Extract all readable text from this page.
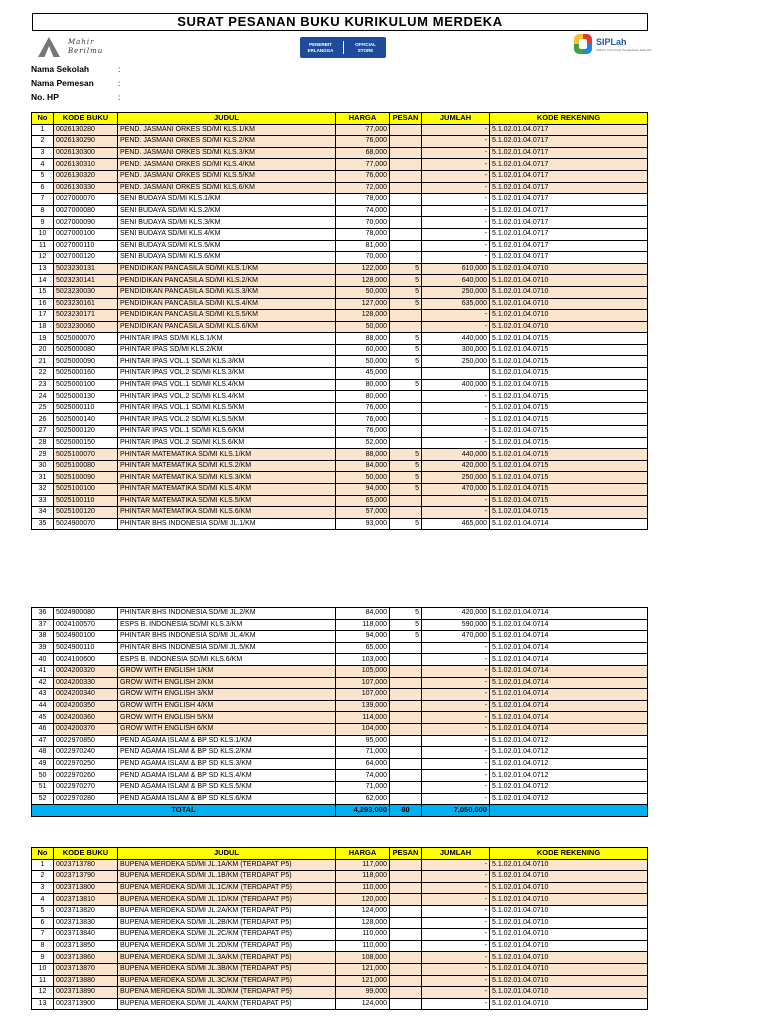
SURAT PESANAN BUKU KURIKULUM MERDEKA
Mahir
Berilmu
PENERBIT
ERLANGGA
OFFICIAL
STORE
SIPLah
Sistem Informasi Pengadaan Sekolah
Nama Sekolah	:
Nama Pemesan	:
No. HP	:
No	KODE BUKU	JUDUL	HARGA	PESAN	JUMLAH	KODE REKENING
1	0026130280	PEND. JASMANI ORKES SD/MI KLS.1/KM	77,000		-	5.1.02.01.04.0717
2	0026130290	PEND. JASMANI ORKES SD/MI KLS.2/KM	76,000		-	5.1.02.01.04.0717
3	0026130300	PEND. JASMANI ORKES SD/MI KLS.3/KM	68,000		-	5.1.02.01.04.0717
4	0026130310	PEND. JASMANI ORKES SD/MI KLS.4/KM	77,000		-	5.1.02.01.04.0717
5	0026130320	PEND. JASMANI ORKES SD/MI KLS.5/KM	76,000		-	5.1.02.01.04.0717
6	0026130330	PEND. JASMANI ORKES SD/MI KLS.6/KM	72,000		-	5.1.02.01.04.0717
7	0027000070	SENI BUDAYA SD/MI KLS.1/KM	78,000		-	5.1.02.01.04.0717
8	0027000080	SENI BUDAYA SD/MI KLS.2/KM	74,000		-	5.1.02.01.04.0717
9	0027000090	SENI BUDAYA SD/MI KLS.3/KM	70,000		-	5.1.02.01.04.0717
10	0027000100	SENI BUDAYA SD/MI KLS.4/KM	78,000		-	5.1.02.01.04.0717
11	0027000110	SENI BUDAYA SD/MI KLS.5/KM	81,000		-	5.1.02.01.04.0717
12	0027000120	SENI BUDAYA SD/MI KLS.6/KM	70,000		-	5.1.02.01.04.0717
13	5023230131	PENDIDIKAN PANCASILA SD/MI KLS.1/KM	122,000	5	610,000	5.1.02.01.04.0710
14	5023230141	PENDIDIKAN PANCASILA SD/MI KLS.2/KM	128,000	5	640,000	5.1.02.01.04.0710
15	5023230030	PENDIDIKAN PANCASILA SD/MI KLS.3/KM	50,000	5	250,000	5.1.02.01.04.0710
16	5023230161	PENDIDIKAN PANCASILA SD/MI KLS.4/KM	127,000	5	635,000	5.1.02.01.04.0710
17	5023230171	PENDIDIKAN PANCASILA SD/MI KLS.5/KM	128,000		-	5.1.02.01.04.0710
18	5023230060	PENDIDIKAN PANCASILA SD/MI KLS.6/KM	50,000		-	5.1.02.01.04.0710
19	5025000070	PHINTAR IPAS SD/MI KLS.1/KM	88,000	5	440,000	5.1.02.01.04.0715
20	5025000080	PHINTAR IPAS SD/MI KLS.2/KM	60,000	5	300,000	5.1.02.01.04.0715
21	5025000090	PHINTAR IPAS VOL.1 SD/MI KLS.3/KM	50,000	5	250,000	5.1.02.01.04.0715
22	5025000160	PHINTAR IPAS VOL.2 SD/MI KLS.3/KM	45,000			5.1.02.01.04.0715
23	5025000100	PHINTAR IPAS VOL.1 SD/MI KLS.4/KM	80,000	5	400,000	5.1.02.01.04.0715
24	5025000130	PHINTAR IPAS VOL.2 SD/MI KLS.4/KM	80,000		-	5.1.02.01.04.0715
25	5025000110	PHINTAR IPAS VOL.1 SD/MI KLS.5/KM	76,000		-	5.1.02.01.04.0715
26	5025000140	PHINTAR IPAS VOL.2 SD/MI KLS.5/KM	76,000		-	5.1.02.01.04.0715
27	5025000120	PHINTAR IPAS VOL.1 SD/MI KLS.6/KM	76,000		-	5.1.02.01.04.0715
28	5025000150	PHINTAR IPAS VOL.2 SD/MI KLS.6/KM	52,000		-	5.1.02.01.04.0715
29	5025100070	PHINTAR MATEMATIKA SD/MI KLS.1/KM	88,000	5	440,000	5.1.02.01.04.0715
30	5025100080	PHINTAR MATEMATIKA SD/MI KLS.2/KM	84,000	5	420,000	5.1.02.01.04.0715
31	5025100090	PHINTAR MATEMATIKA SD/MI KLS.3/KM	50,000	5	250,000	5.1.02.01.04.0715
32	5025100100	PHINTAR MATEMATIKA SD/MI KLS.4/KM	94,000	5	470,000	5.1.02.01.04.0715
33	5025100110	PHINTAR MATEMATIKA SD/MI KLS.5/KM	65,000		-	5.1.02.01.04.0715
34	5025100120	PHINTAR MATEMATIKA SD/MI KLS.6/KM	57,000		-	5.1.02.01.04.0715
35	5024900070	PHINTAR BHS INDONESIA SD/MI JL.1/KM	93,000	5	465,000	5.1.02.01.04.0714
36	5024900080	PHINTAR BHS INDONESIA SD/MI JL.2/KM	84,000	5	420,000	5.1.02.01.04.0714
37	0024100570	ESPS B. INDONESIA SD/MI KLS.3/KM	118,000	5	590,000	5.1.02.01.04.0714
38	5024900100	PHINTAR BHS INDONESIA SD/MI JL.4/KM	94,000	5	470,000	5.1.02.01.04.0714
39	5024900110	PHINTAR BHS INDONESIA SD/MI JL.5/KM	65,000		-	5.1.02.01.04.0714
40	0024100600	ESPS B. INDONESIA SD/MI KLS.6/KM	103,000		-	5.1.02.01.04.0714
41	0024200320	GROW WITH ENGLISH 1/KM	105,000		-	5.1.02.01.04.0714
42	0024200330	GROW WITH ENGLISH 2/KM	107,000		-	5.1.02.01.04.0714
43	0024200340	GROW WITH ENGLISH 3/KM	107,000		-	5.1.02.01.04.0714
44	0024200350	GROW WITH ENGLISH 4/KM	139,000		-	5.1.02.01.04.0714
45	0024200360	GROW WITH ENGLISH 5/KM	114,000		-	5.1.02.01.04.0714
46	0024200370	GROW WITH ENGLISH 6/KM	104,000		-	5.1.02.01.04.0714
47	0022970850	PEND AGAMA ISLAM & BP SD KLS.1/KM	95,000		-	5.1.02.01.04.0712
48	0022970240	PEND AGAMA ISLAM & BP SD KLS.2/KM	71,000		-	5.1.02.01.04.0712
49	0022970250	PEND AGAMA ISLAM & BP SD KLS.3/KM	64,000		-	5.1.02.01.04.0712
50	0022970260	PEND AGAMA ISLAM & BP SD KLS.4/KM	74,000		-	5.1.02.01.04.0712
51	0022970270	PEND AGAMA ISLAM & BP SD KLS.5/KM	71,000		-	5.1.02.01.04.0712
52	0022970280	PEND AGAMA ISLAM & BP SD KLS.6/KM	62,000		-	5.1.02.01.04.0712
TOTAL			4,293,000	80	7,050,000	
No	KODE BUKU	JUDUL	HARGA	PESAN	JUMLAH	KODE REKENING
1	0023713780	BUPENA MERDEKA SD/MI JL.1A/KM (TERDAPAT P5)	117,000		-	5.1.02.01.04.0710
2	0023713790	BUPENA MERDEKA SD/MI JL.1B/KM (TERDAPAT P5)	118,000		-	5.1.02.01.04.0710
3	0023713800	BUPENA MERDEKA SD/MI JL.1C/KM (TERDAPAT P5)	110,000		-	5.1.02.01.04.0710
4	0023713810	BUPENA MERDEKA SD/MI JL.1D/KM (TERDAPAT P5)	120,000		-	5.1.02.01.04.0710
5	0023713820	BUPENA MERDEKA SD/MI JL.2A/KM (TERDAPAT P5)	124,000		-	5.1.02.01.04.0710
6	0023713830	BUPENA MERDEKA SD/MI JL.2B/KM (TERDAPAT P5)	128,000		-	5.1.02.01.04.0710
7	0023713840	BUPENA MERDEKA SD/MI JL.2C/KM (TERDAPAT P5)	110,000		-	5.1.02.01.04.0710
8	0023713850	BUPENA MERDEKA SD/MI JL.2D/KM (TERDAPAT P5)	110,000		-	5.1.02.01.04.0710
9	0023713860	BUPENA MERDEKA SD/MI JL.3A/KM (TERDAPAT P5)	108,000		-	5.1.02.01.04.0710
10	0023713870	BUPENA MERDEKA SD/MI JL.3B/KM (TERDAPAT P5)	121,000		-	5.1.02.01.04.0710
11	0023713880	BUPENA MERDEKA SD/MI JL.3C/KM (TERDAPAT P5)	121,000		-	5.1.02.01.04.0710
12	0023713890	BUPENA MERDEKA SD/MI JL.3D/KM (TERDAPAT P5)	99,000		-	5.1.02.01.04.0710
13	0023713900	BUPENA MERDEKA SD/MI JL.4A/KM (TERDAPAT P5)	124,000		-	5.1.02.01.04.0710
